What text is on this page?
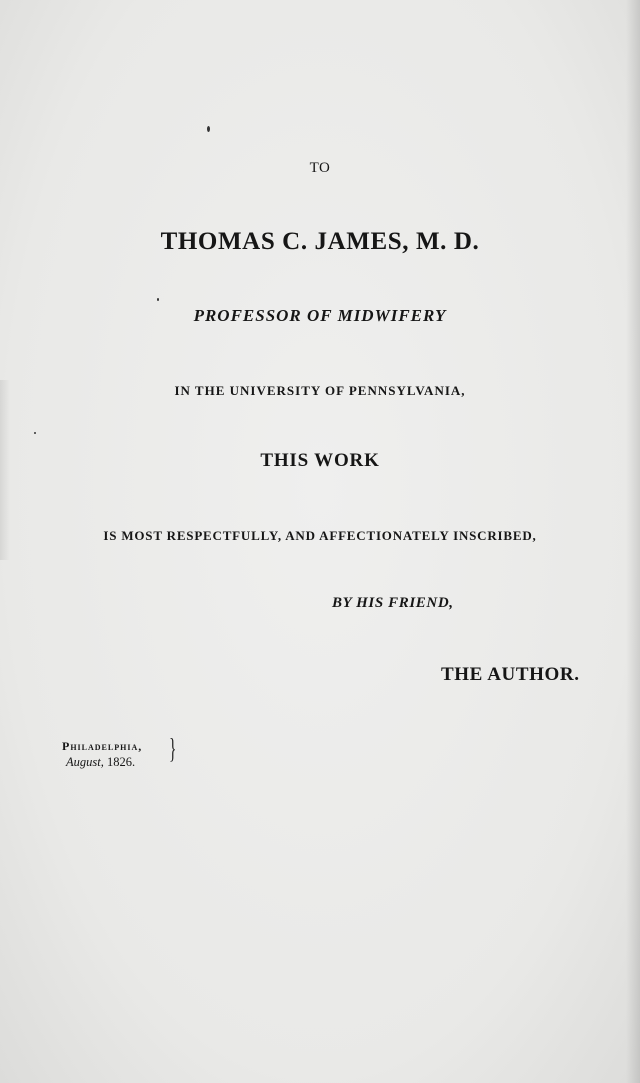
TO
THOMAS C. JAMES, M. D.
PROFESSOR OF MIDWIFERY
IN THE UNIVERSITY OF PENNSYLVANIA,
THIS WORK
IS MOST RESPECTFULLY, AND AFFECTIONATELY INSCRIBED,
BY HIS FRIEND,
THE AUTHOR.
Philadelphia,
August, 1826. }
